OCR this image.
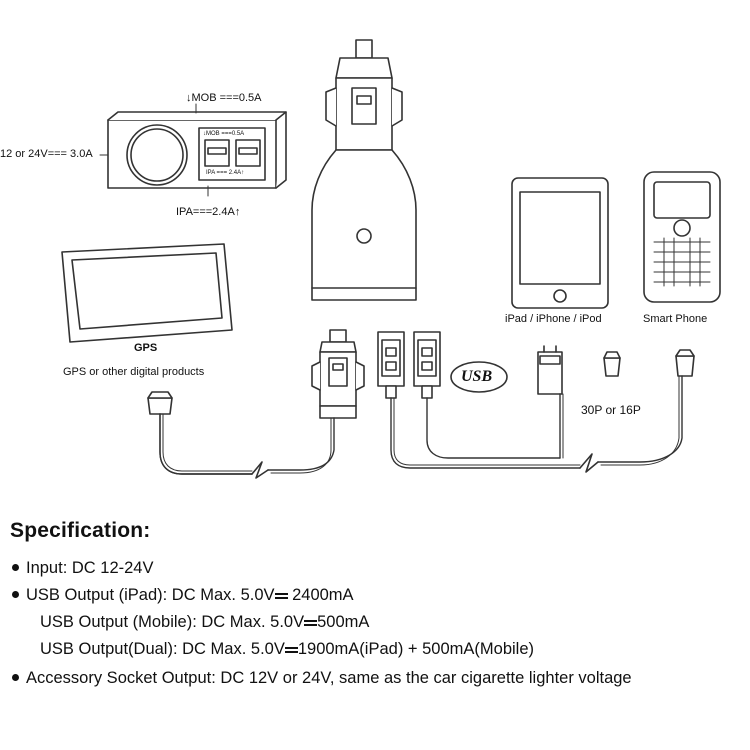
12 or 24V=== 3.0A
↓MOB ===0.5A
IPA===2.4A↑
↓MOB ===0.5A
IPA === 2.4A↑
GPS
GPS or other digital products
iPad / iPhone / iPod	Smart Phone
USB
30P or 16P
Specification:
Input: DC 12-24V
USB Output (iPad): DC Max. 5.0V 2400mA
USB Output (Mobile): DC Max. 5.0V 500mA
USB Output(Dual): DC Max. 5.0V 1900mA(iPad) + 500mA(Mobile)
Accessory Socket Output: DC 12V or 24V, same as the car cigarette lighter voltage
